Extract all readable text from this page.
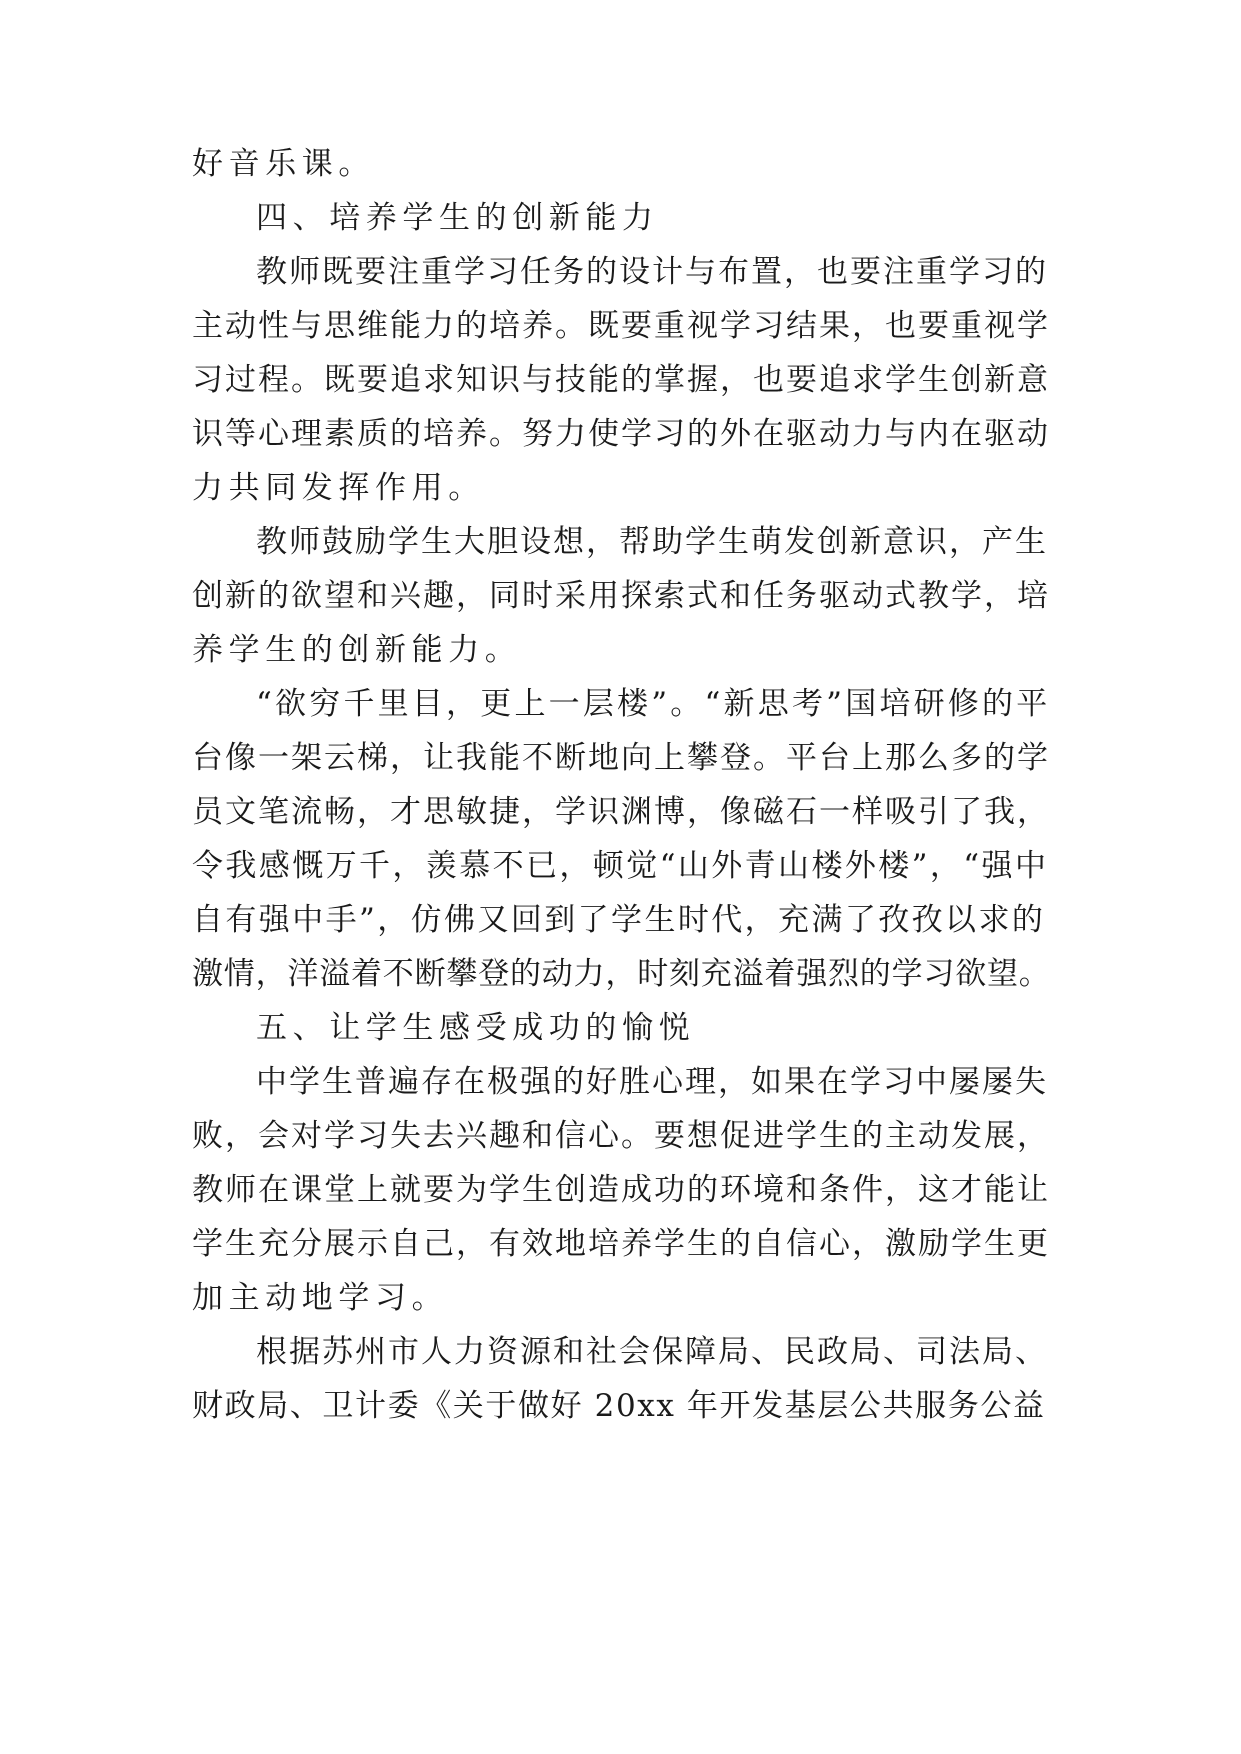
好音乐课。
四、培养学生的创新能力
教师既要注重学习任务的设计与布置，也要注重学习的
主动性与思维能力的培养。既要重视学习结果，也要重视学
习过程。既要追求知识与技能的掌握，也要追求学生创新意
识等心理素质的培养。努力使学习的外在驱动力与内在驱动
力共同发挥作用。
教师鼓励学生大胆设想，帮助学生萌发创新意识，产生
创新的欲望和兴趣，同时采用探索式和任务驱动式教学，培
养学生的创新能力。
“欲穷千里目，更上一层楼”。“新思考”国培研修的平
台像一架云梯，让我能不断地向上攀登。平台上那么多的学
员文笔流畅，才思敏捷，学识渊博，像磁石一样吸引了我，
令我感慨万千，羡慕不已，顿觉“山外青山楼外楼”，“强中
自有强中手”，仿佛又回到了学生时代，充满了孜孜以求的
激情，洋溢着不断攀登的动力，时刻充溢着强烈的学习欲望。
五、让学生感受成功的愉悦
中学生普遍存在极强的好胜心理，如果在学习中屡屡失
败，会对学习失去兴趣和信心。要想促进学生的主动发展，
教师在课堂上就要为学生创造成功的环境和条件，这才能让
学生充分展示自己，有效地培养学生的自信心，激励学生更
加主动地学习。
根据苏州市人力资源和社会保障局、民政局、司法局、
财政局、卫计委《关于做好 20xx 年开发基层公共服务公益
